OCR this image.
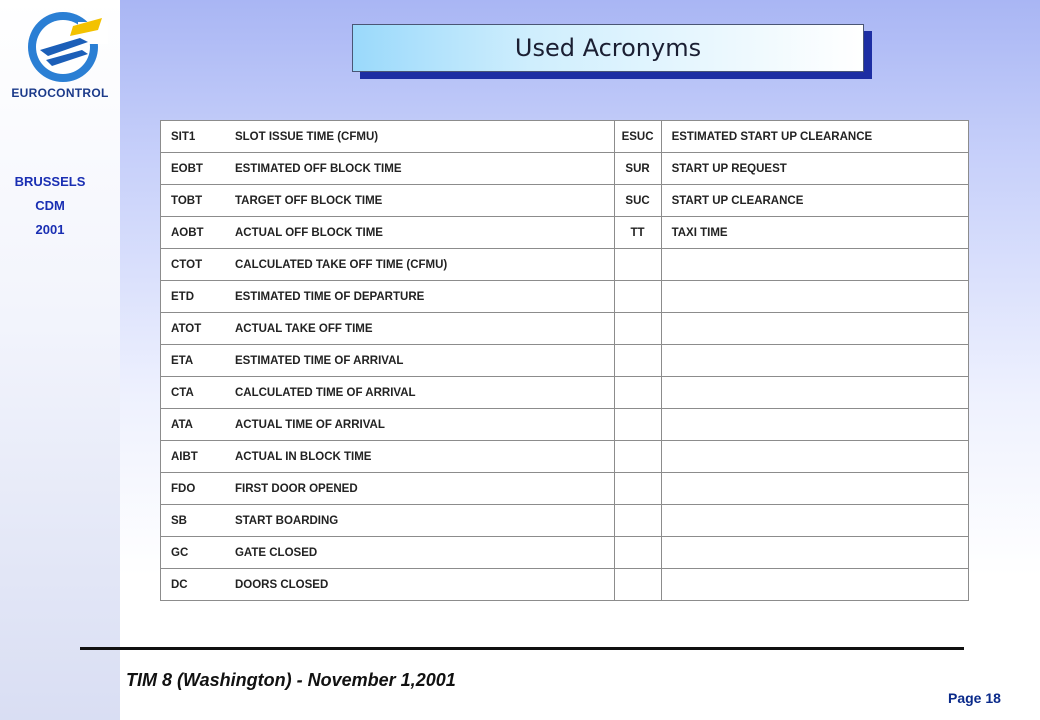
EUROCONTROL
BRUSSELS
CDM
2001
Used Acronyms
SIT1	SLOT ISSUE TIME (CFMU)	ESUC	ESTIMATED START UP CLEARANCE
EOBT	ESTIMATED OFF BLOCK TIME	SUR	START UP REQUEST
TOBT	TARGET OFF BLOCK TIME	SUC	START UP CLEARANCE
AOBT	ACTUAL OFF BLOCK TIME	TT	TAXI TIME
CTOT	CALCULATED TAKE OFF TIME (CFMU)		
ETD	ESTIMATED TIME OF DEPARTURE		
ATOT	ACTUAL TAKE OFF TIME		
ETA	ESTIMATED TIME OF ARRIVAL		
CTA	CALCULATED TIME OF ARRIVAL		
ATA	ACTUAL TIME OF ARRIVAL		
AIBT	ACTUAL IN BLOCK TIME		
FDO	FIRST DOOR OPENED		
SB	START BOARDING		
GC	GATE CLOSED		
DC	DOORS CLOSED		
TIM 8 (Washington) - November 1,2001
Page 18
